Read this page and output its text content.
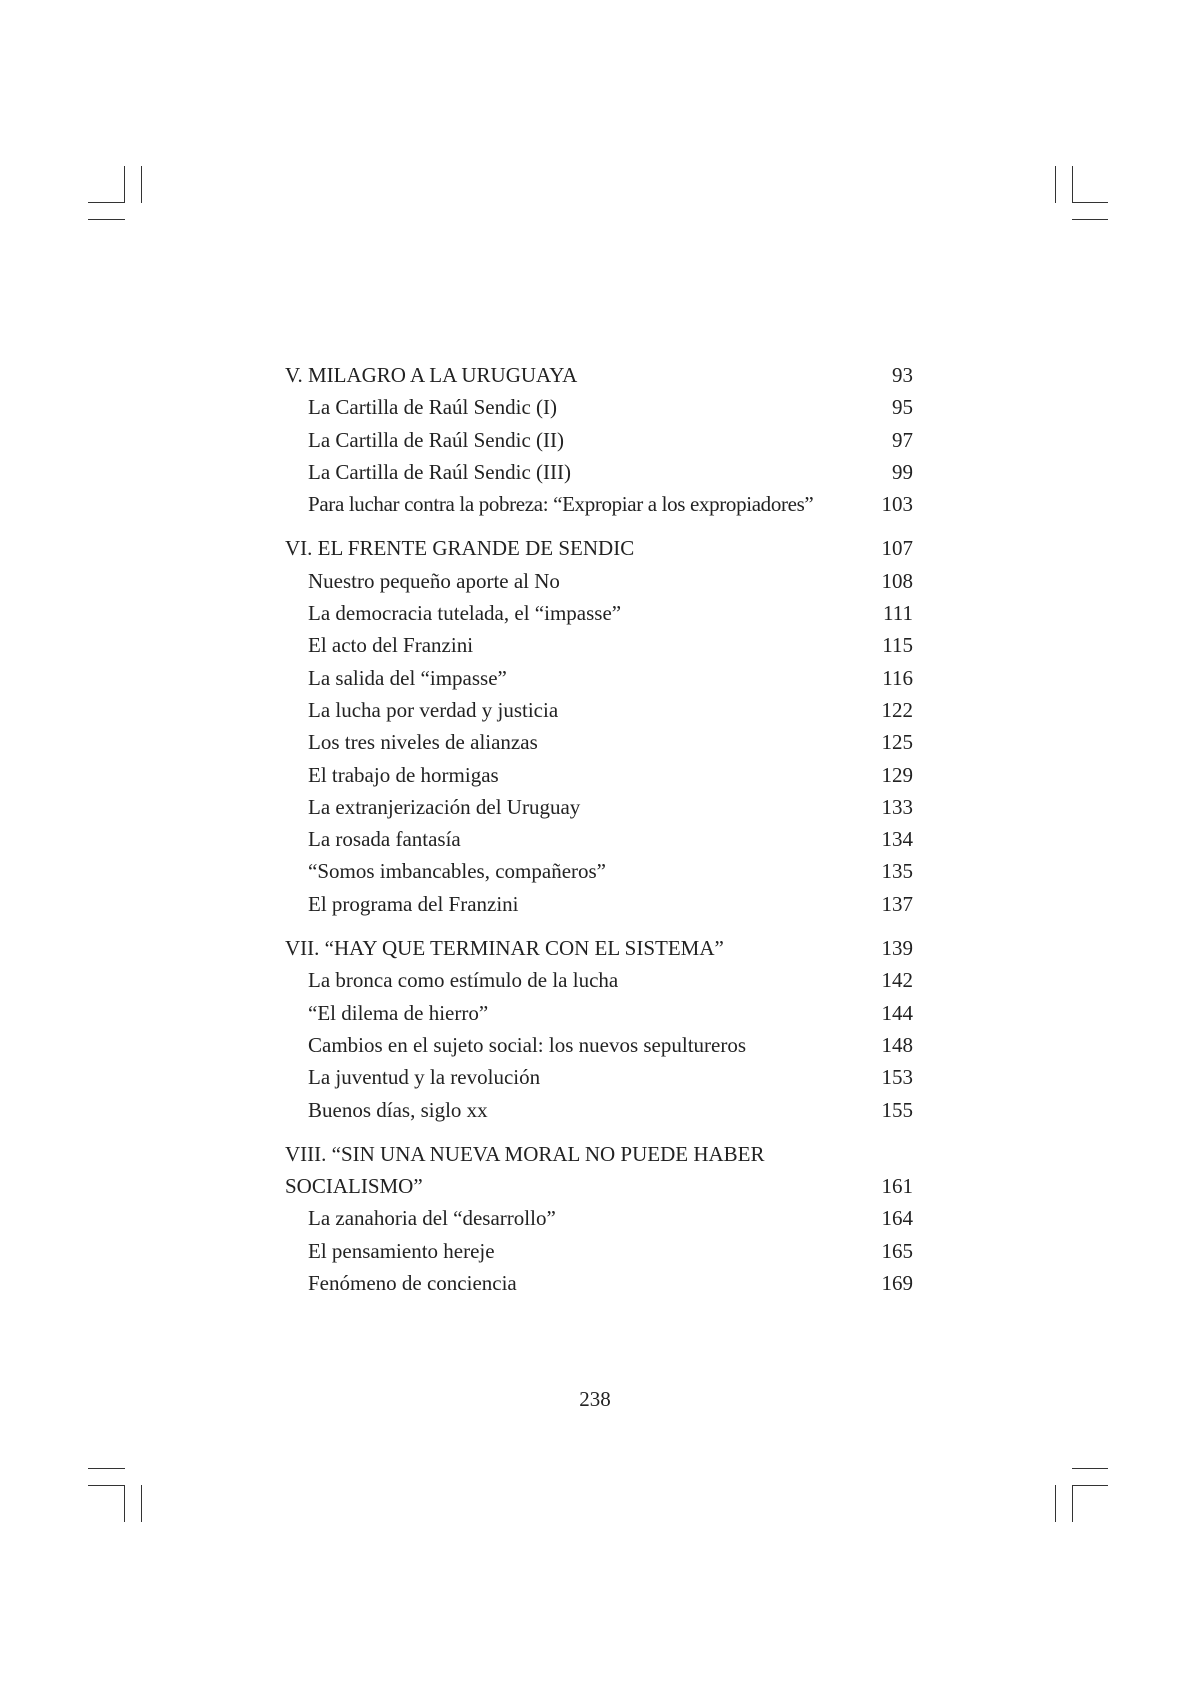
V. MILAGRO A LA URUGUAYA	93
La Cartilla de Raúl Sendic (I)	95
La Cartilla de Raúl Sendic (II)	97
La Cartilla de Raúl Sendic (III)	99
Para luchar contra la pobreza: “Expropiar a los expropiadores”	103
VI. EL FRENTE GRANDE DE SENDIC	107
Nuestro pequeño aporte al No	108
La democracia tutelada, el “impasse”	111
El acto del Franzini	115
La salida del “impasse”	116
La lucha por verdad y justicia	122
Los tres niveles de alianzas	125
El trabajo de hormigas	129
La extranjerización del Uruguay	133
La rosada fantasía	134
“Somos imbancables, compañeros”	135
El programa del Franzini	137
VII. “HAY QUE TERMINAR CON EL SISTEMA”	139
La bronca como estímulo de la lucha	142
“El dilema de hierro”	144
Cambios en el sujeto social: los nuevos sepultureros	148
La juventud y la revolución	153
Buenos días, siglo xx	155
VIII. “SIN UNA NUEVA MORAL NO PUEDE HABER
SOCIALISMO”	161
La zanahoria del “desarrollo”	164
El pensamiento hereje	165
Fenómeno de conciencia	169
238
